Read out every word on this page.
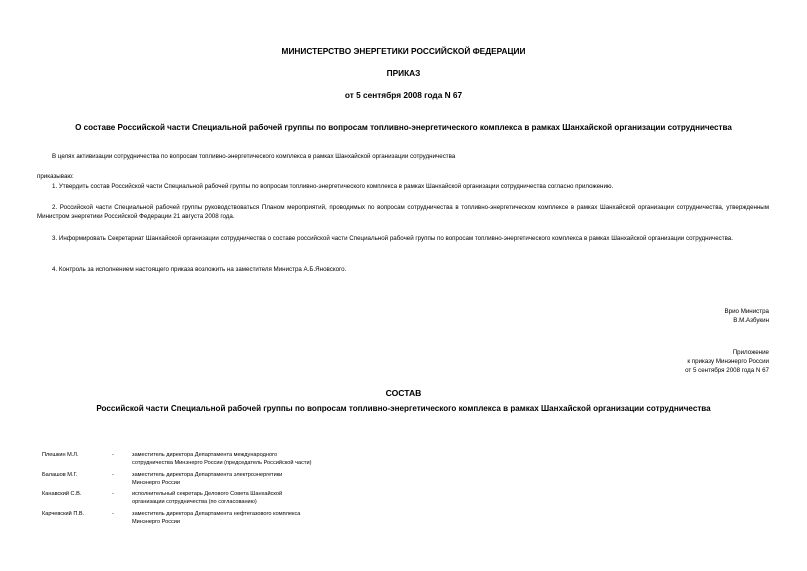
МИНИСТЕРСТВО ЭНЕРГЕТИКИ РОССИЙСКОЙ ФЕДЕРАЦИИ
ПРИКАЗ
от 5 сентября 2008 года N 67
О составе Российской части Специальной рабочей группы по вопросам топливно-энергетического комплекса в рамках Шанхайской организации сотрудничества
В целях активизации сотрудничества по вопросам топливно-энергетического комплекса в рамках Шанхайской организации сотрудничества
приказываю:
1. Утвердить состав Российской части Специальной рабочей группы по вопросам топливно-энергетического комплекса в рамках Шанхайской организации сотрудничества согласно приложению.
2. Российской части Специальной рабочей группы руководствоваться Планом мероприятий, проводимых по вопросам сотрудничества в топливно-энергетическом комплексе в рамках Шанхайской организации сотрудничества, утвержденным Министром энергетики Российской Федерации 21 августа 2008 года.
3. Информировать Секретариат Шанхайской организации сотрудничества о составе российской части Специальной рабочей группы по вопросам топливно-энергетического комплекса в рамках Шанхайской организации сотрудничества.
4. Контроль за исполнением настоящего приказа возложить на заместителя Министра А.Б.Яновского.
Врио Министра
В.М.Азбукин
Приложение
к приказу Минэнерго России
от 5 сентября 2008 года N 67
СОСТАВ
Российской части Специальной рабочей группы по вопросам топливно-энергетического комплекса в рамках Шанхайской организации сотрудничества
Плешкин М.Л.	-	заместитель директора Департамента международного
сотрудничества Минэнерго России (председатель Российской части)
Балашов М.Г.	-	заместитель директора Департамента электроэнергетики
Минэнерго России
Канавский С.В.	-	исполнительный секретарь Делового Совета Шанхайской
организации сотрудничества (по согласованию)
Карчевский П.В.	-	заместитель директора Департамента нефтегазового комплекса
Минэнерго России
